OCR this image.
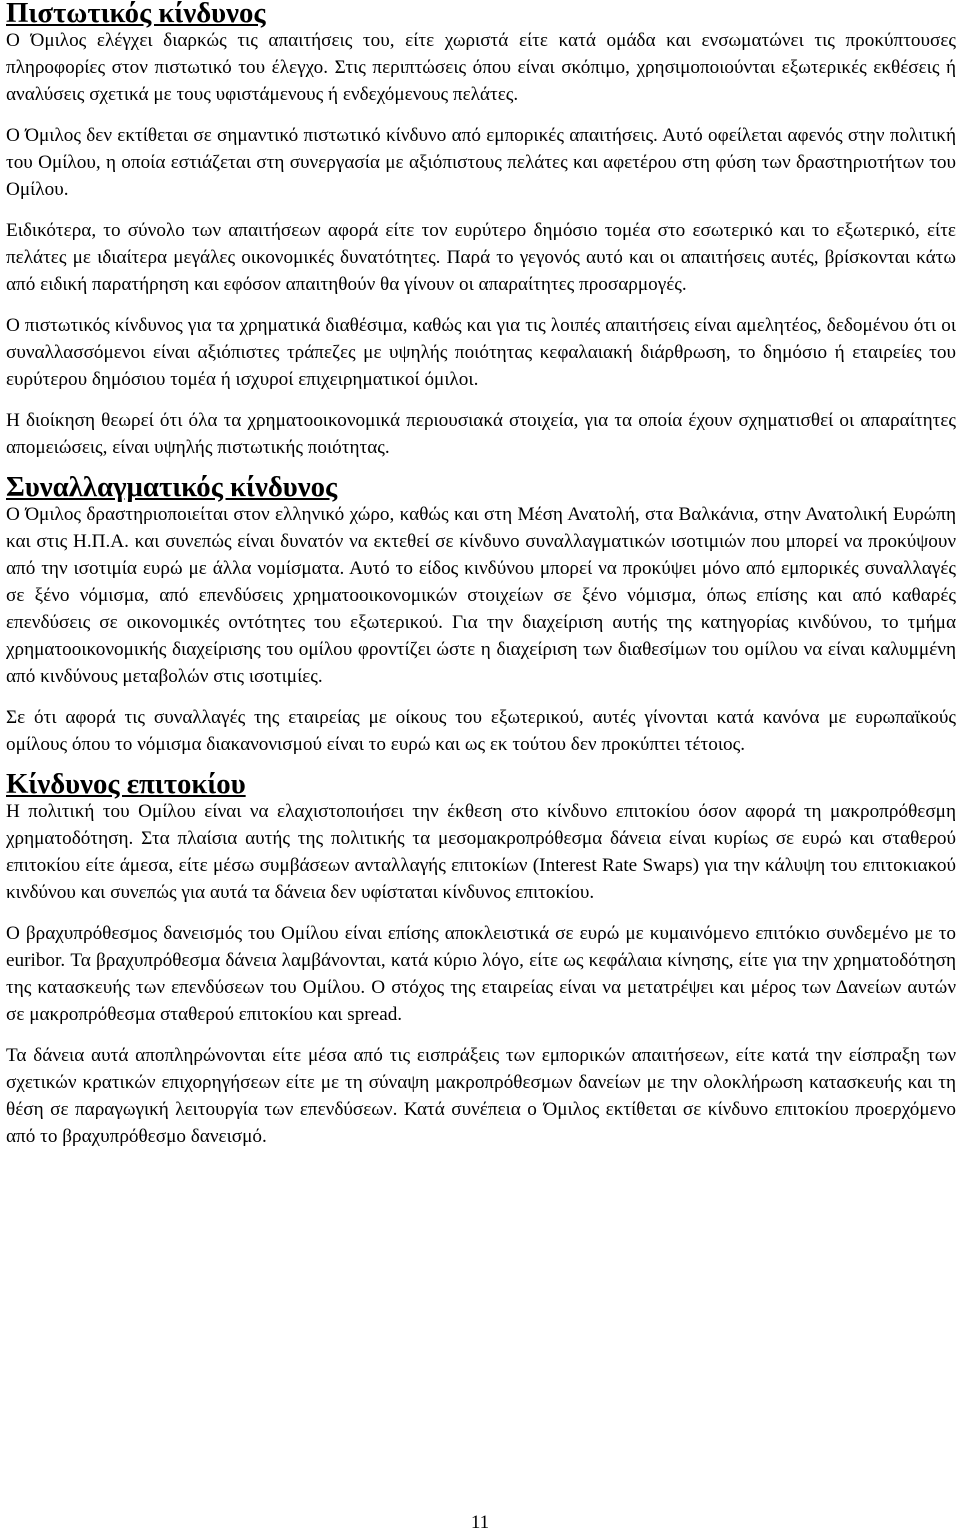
Πιστωτικός κίνδυνος

Ο Όμιλος ελέγχει διαρκώς τις απαιτήσεις του, είτε χωριστά είτε κατά ομάδα και ενσωματώνει τις προκύπτουσες πληροφορίες στον πιστωτικό του έλεγχο. Στις περιπτώσεις όπου είναι σκόπιμο, χρησιμοποιούνται εξωτερικές εκθέσεις ή αναλύσεις σχετικά με τους υφιστάμενους ή ενδεχόμενους πελάτες.

Ο Όμιλος δεν εκτίθεται σε σημαντικό πιστωτικό κίνδυνο από εμπορικές απαιτήσεις. Αυτό οφείλεται αφενός στην πολιτική του Ομίλου, η οποία εστιάζεται στη συνεργασία με αξιόπιστους πελάτες και αφετέρου στη φύση των δραστηριοτήτων του Ομίλου.

Ειδικότερα, το σύνολο των απαιτήσεων αφορά είτε τον ευρύτερο δημόσιο τομέα στο εσωτερικό και το εξωτερικό, είτε πελάτες με ιδιαίτερα μεγάλες οικονομικές δυνατότητες. Παρά το γεγονός αυτό και οι απαιτήσεις αυτές, βρίσκονται κάτω από ειδική παρατήρηση και εφόσον απαιτηθούν θα γίνουν οι απαραίτητες προσαρμογές.

Ο πιστωτικός κίνδυνος για τα χρηματικά διαθέσιμα, καθώς και για τις λοιπές απαιτήσεις είναι αμελητέος, δεδομένου ότι οι συναλλασσόμενοι είναι αξιόπιστες τράπεζες με υψηλής ποιότητας κεφαλαιακή διάρθρωση, το δημόσιο ή εταιρείες του ευρύτερου δημόσιου τομέα ή ισχυροί επιχειρηματικοί όμιλοι.

Η διοίκηση θεωρεί ότι όλα τα χρηματοοικονομικά περιουσιακά στοιχεία, για τα οποία έχουν σχηματισθεί οι απαραίτητες απομειώσεις, είναι υψηλής πιστωτικής ποιότητας.

Συναλλαγματικός κίνδυνος

Ο Όμιλος δραστηριοποιείται στον ελληνικό χώρο, καθώς και στη Μέση Ανατολή, στα Βαλκάνια, στην Ανατολική Ευρώπη και στις Η.Π.Α. και συνεπώς είναι δυνατόν να εκτεθεί σε κίνδυνο συναλλαγματικών ισοτιμιών που μπορεί να προκύψουν από την ισοτιμία ευρώ με άλλα νομίσματα. Αυτό το είδος κινδύνου μπορεί να προκύψει μόνο από εμπορικές συναλλαγές σε ξένο νόμισμα, από επενδύσεις χρηματοοικονομικών στοιχείων σε ξένο νόμισμα, όπως επίσης και από καθαρές επενδύσεις σε οικονομικές οντότητες του εξωτερικού. Για την διαχείριση αυτής της κατηγορίας κινδύνου, το τμήμα χρηματοοικονομικής διαχείρισης του ομίλου φροντίζει ώστε η διαχείριση των διαθεσίμων του ομίλου να είναι καλυμμένη από κινδύνους μεταβολών στις ισοτιμίες.

Σε ότι αφορά τις συναλλαγές της εταιρείας με οίκους του εξωτερικού, αυτές γίνονται κατά κανόνα με ευρωπαϊκούς ομίλους όπου το νόμισμα διακανονισμού είναι το ευρώ και ως εκ τούτου δεν προκύπτει τέτοιος.

Κίνδυνος επιτοκίου

Η πολιτική του Ομίλου είναι να ελαχιστοποιήσει την έκθεση στο κίνδυνο επιτοκίου όσον αφορά τη μακροπρόθεσμη χρηματοδότηση. Στα πλαίσια αυτής της πολιτικής τα μεσομακροπρόθεσμα δάνεια είναι κυρίως σε ευρώ και σταθερού επιτοκίου είτε άμεσα, είτε μέσω συμβάσεων ανταλλαγής επιτοκίων (Interest Rate Swaps) για την κάλυψη του επιτοκιακού κινδύνου και συνεπώς για αυτά τα δάνεια δεν υφίσταται κίνδυνος επιτοκίου.

Ο βραχυπρόθεσμος δανεισμός του Ομίλου είναι επίσης αποκλειστικά σε ευρώ με κυμαινόμενο επιτόκιο συνδεμένο με το euribor. Τα βραχυπρόθεσμα δάνεια λαμβάνονται, κατά κύριο λόγο, είτε ως κεφάλαια κίνησης, είτε για την χρηματοδότηση της κατασκευής των επενδύσεων του Ομίλου. Ο στόχος της εταιρείας είναι να μετατρέψει και μέρος των Δανείων αυτών σε μακροπρόθεσμα σταθερού επιτοκίου και spread.

Τα δάνεια αυτά αποπληρώνονται είτε μέσα από τις εισπράξεις των εμπορικών απαιτήσεων, είτε κατά την είσπραξη των σχετικών κρατικών επιχορηγήσεων είτε με τη σύναψη μακροπρόθεσμων δανείων με την ολοκλήρωση κατασκευής και τη θέση σε παραγωγική λειτουργία των επενδύσεων. Κατά συνέπεια ο Όμιλος εκτίθεται σε κίνδυνο επιτοκίου προερχόμενο από το βραχυπρόθεσμο δανεισμό.

11
